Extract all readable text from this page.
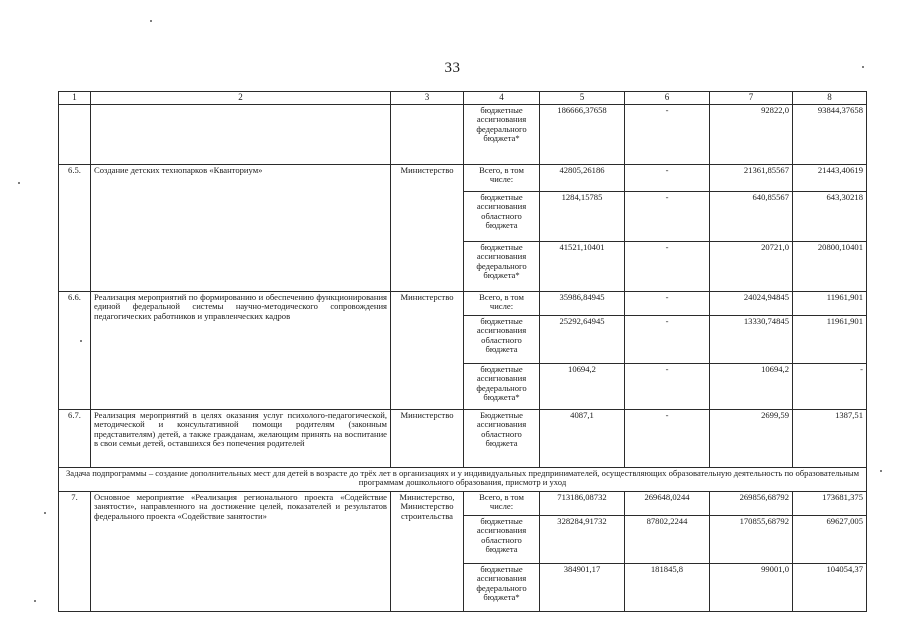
33
1	2	3	4	5	6	7	8
			бюджетные ассигнования федерального бюджета*	186666,37658	-	92822,0	93844,37658
6.5.	Создание детских технопарков «Кванториум»	Министерство	Всего, в том числе:	42805,26186	-	21361,85567	21443,40619
			бюджетные ассигнования областного бюджета	1284,15785	-	640,85567	643,30218
			бюджетные ассигнования федерального бюджета*	41521,10401	-	20721,0	20800,10401
6.6.	Реализация мероприятий по формированию и обеспечению функционирования единой федеральной системы научно-методического сопровождения педагогических работников и управленческих кадров	Министерство	Всего, в том числе:	35986,84945	-	24024,94845	11961,901
			бюджетные ассигнования областного бюджета	25292,64945	-	13330,74845	11961,901
			бюджетные ассигнования федерального бюджета*	10694,2	-	10694,2	-
6.7.	Реализация мероприятий в целях оказания услуг психолого-педагогической, методической и консультативной помощи родителям (законным представителям) детей, а также гражданам, желающим принять на воспитание в свои семьи детей, оставшихся без попечения родителей	Министерство	Бюджетные ассигнования областного бюджета	4087,1	-	2699,59	1387,51
Задача подпрограммы – создание дополнительных мест для детей в возрасте до трёх лет в организациях и у индивидуальных предпринимателей, осуществляющих образовательную деятельность по образовательным программам дошкольного образования, присмотр и уход							
7.	Основное мероприятие «Реализация регионального проекта «Содействие занятости», направленного на достижение целей, показателей и результатов федерального проекта «Содействие занятости»	Министерство, Министерство строительства	Всего, в том числе:	713186,08732	269648,0244	269856,68792	173681,375
			бюджетные ассигнования областного бюджета	328284,91732	87802,2244	170855,68792	69627,005
			бюджетные ассигнования федерального бюджета*	384901,17	181845,8	99001,0	104054,37
